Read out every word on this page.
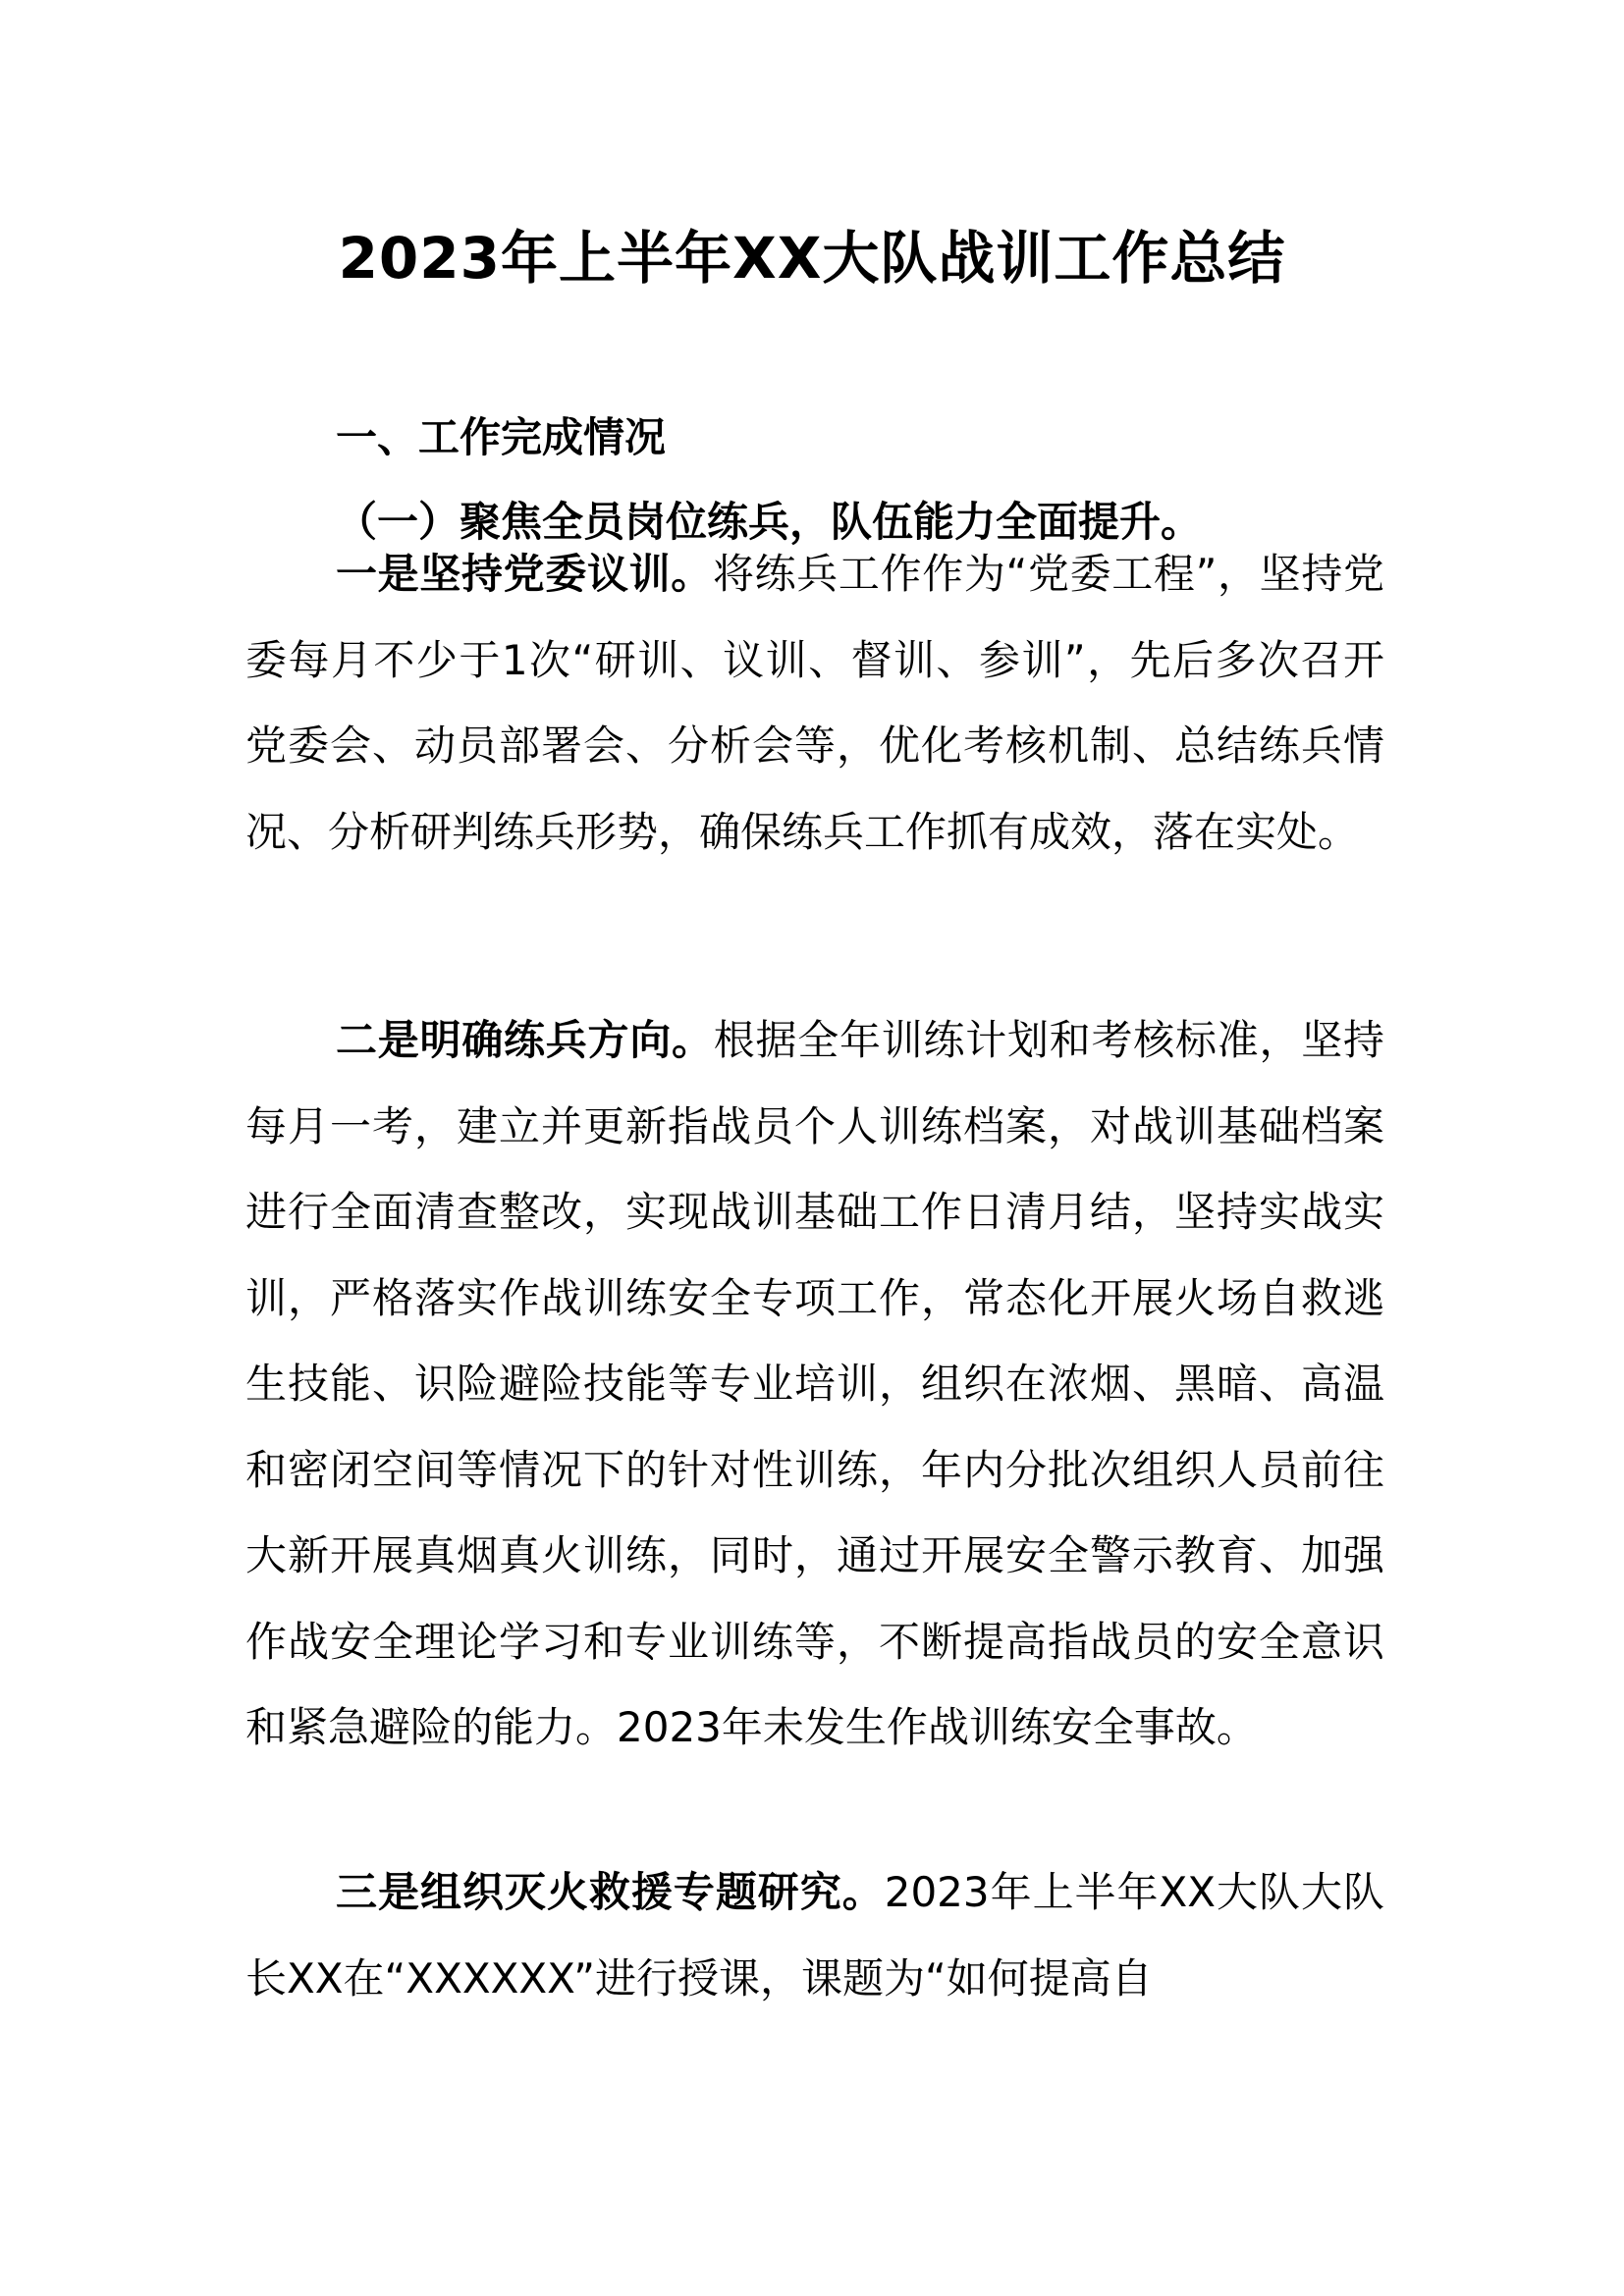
2023年上半年XX大队战训工作总结
一、工作完成情况
（一）聚焦全员岗位练兵，队伍能力全面提升。

一是坚持党委议训。将练兵工作作为“党委工程”，坚持党委每月不少于1次“研训、议训、督训、参训”，先后多次召开党委会、动员部署会、分析会等，优化考核机制、总结练兵情况、分析研判练兵形势，确保练兵工作抓有成效，落在实处。

二是明确练兵方向。根据全年训练计划和考核标准，坚持每月一考，建立并更新指战员个人训练档案，对战训基础档案进行全面清查整改，实现战训基础工作日清月结，坚持实战实训，严格落实作战训练安全专项工作，常态化开展火场自救逃生技能、识险避险技能等专业培训，组织在浓烟、黑暗、高温和密闭空间等情况下的针对性训练，年内分批次组织人员前往大新开展真烟真火训练，同时，通过开展安全警示教育、加强作战安全理论学习和专业训练等，不断提高指战员的安全意识和紧急避险的能力。2023年未发生作战训练安全事故。

三是组织灭火救援专题研究。2023年上半年XX大队大队长XX在“XXXXXX”进行授课，课题为“如何提高自
